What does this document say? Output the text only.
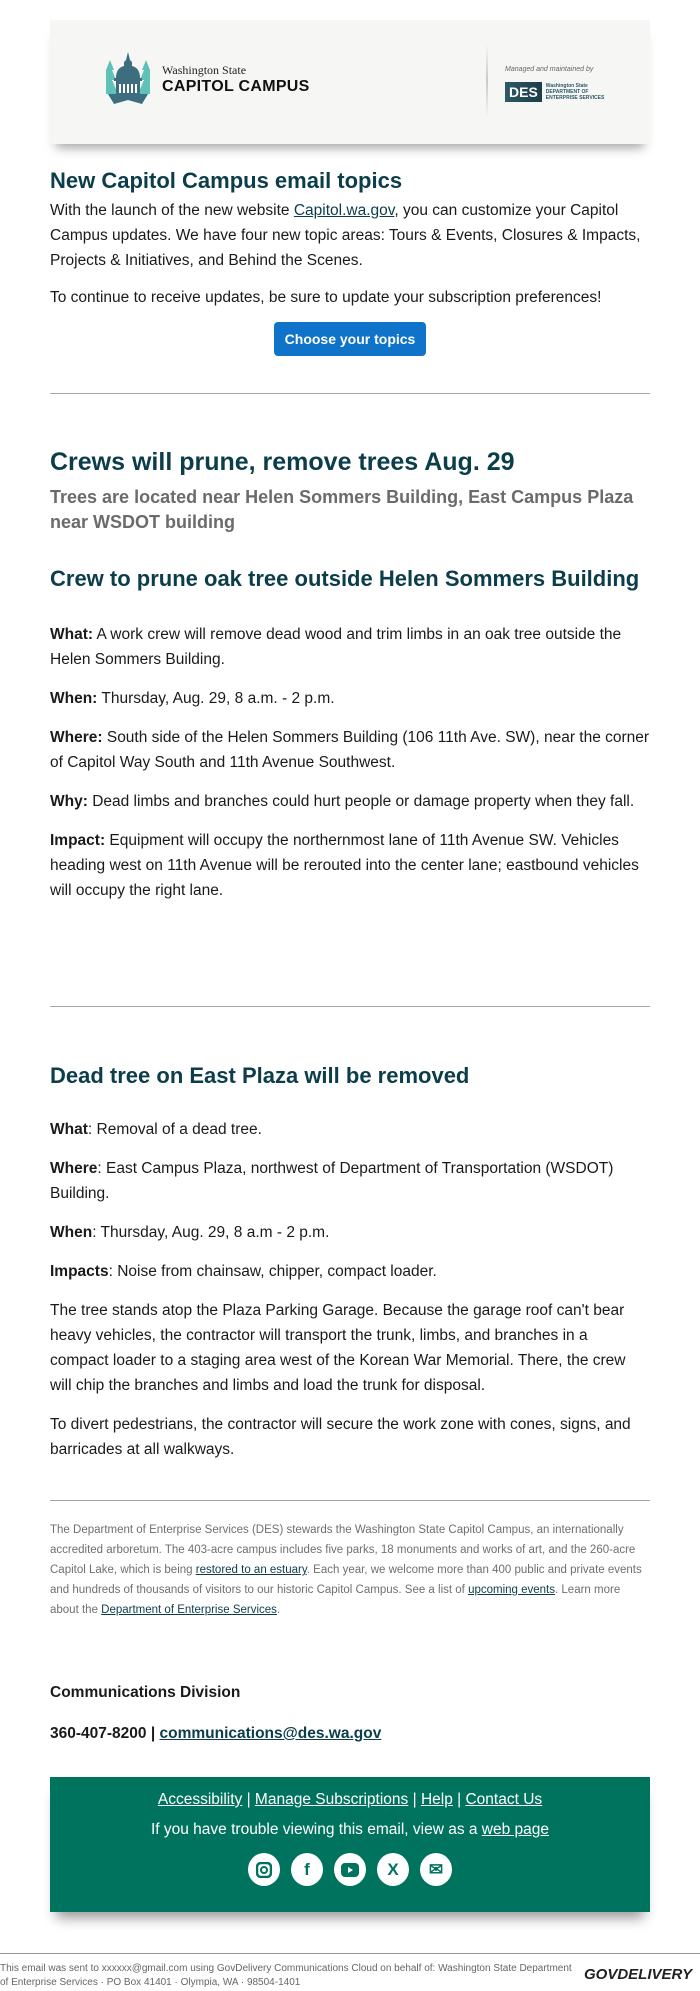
Washington State
CAPITOL CAMPUS
Managed and maintained by
DES	Washington State
DEPARTMENT OF
ENTERPRISE SERVICES
New Capitol Campus email topics

With the launch of the new website Capitol.wa.gov, you can customize your Capitol Campus updates. We have four new topic areas: Tours & Events, Closures & Impacts, Projects & Initiatives, and Behind the Scenes.

To continue to receive updates, be sure to update your subscription preferences!

Choose your topics
Crews will prune, remove trees Aug. 29
Trees are located near Helen Sommers Building, East Campus Plaza near WSDOT building
Crew to prune oak tree outside Helen Sommers Building

What: A work crew will remove dead wood and trim limbs in an oak tree outside the Helen Sommers Building.

When: Thursday, Aug. 29, 8 a.m. - 2 p.m.

Where: South side of the Helen Sommers Building (106 11th Ave. SW), near the corner of Capitol Way South and 11th Avenue Southwest.

Why: Dead limbs and branches could hurt people or damage property when they fall.

Impact: Equipment will occupy the northernmost lane of 11th Avenue SW. Vehicles heading west on 11th Avenue will be rerouted into the center lane; eastbound vehicles will occupy the right lane.

Dead tree on East Plaza will be removed

What: Removal of a dead tree.

Where: East Campus Plaza, northwest of Department of Transportation (WSDOT) Building.

When: Thursday, Aug. 29, 8 a.m - 2 p.m.

Impacts: Noise from chainsaw, chipper, compact loader.

The tree stands atop the Plaza Parking Garage. Because the garage roof can't bear heavy vehicles, the contractor will transport the trunk, limbs, and branches in a compact loader to a staging area west of the Korean War Memorial. There, the crew will chip the branches and limbs and load the trunk for disposal.

To divert pedestrians, the contractor will secure the work zone with cones, signs, and barricades at all walkways.

The Department of Enterprise Services (DES) stewards the Washington State Capitol Campus, an internationally accredited arboretum. The 403-acre campus includes five parks, 18 monuments and works of art, and the 260-acre Capitol Lake, which is being restored to an estuary. Each year, we welcome more than 400 public and private events and hundreds of thousands of visitors to our historic Capitol Campus. See a list of upcoming events. Learn more about the Department of Enterprise Services.

Communications Division

360-407-8200 | communications@des.wa.gov

Accessibility | Manage Subscriptions | Help | Contact Us
If you have trouble viewing this email, view as a web page
f	X	✉
This email was sent to xxxxxx@gmail.com using GovDelivery Communications Cloud on behalf of: Washington State Department of Enterprise Services · PO Box 41401 · Olympia, WA · 98504-1401	GOVDELIVERY
